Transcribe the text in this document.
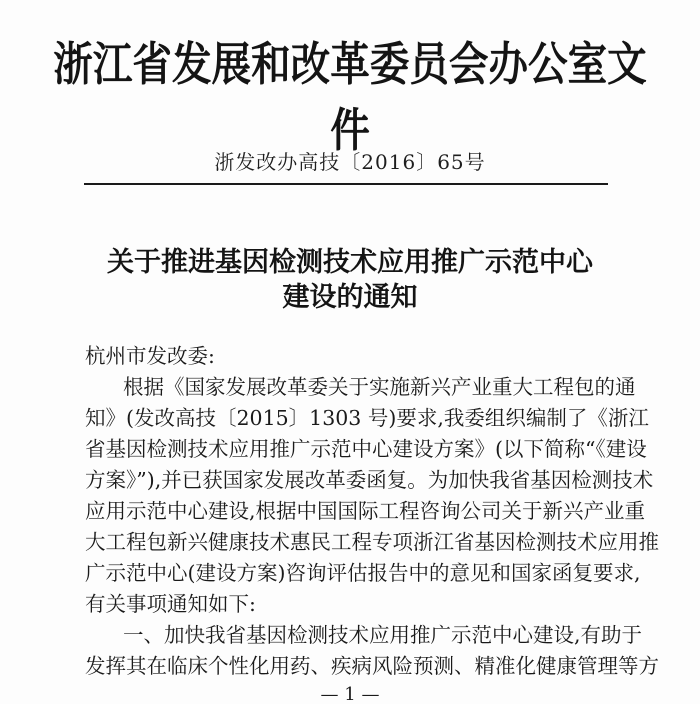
浙江省发展和改革委员会办公室文件
浙发改办高技〔2016〕65号
关于推进基因检测技术应用推广示范中心
建设的通知
杭州市发改委:
根据《国家发展改革委关于实施新兴产业重大工程包的通
知》(发改高技〔2015〕1303 号)要求,我委组织编制了《浙江
省基因检测技术应用推广示范中心建设方案》(以下简称“《建设
方案》”),并已获国家发展改革委函复。为加快我省基因检测技术
应用示范中心建设,根据中国国际工程咨询公司关于新兴产业重
大工程包新兴健康技术惠民工程专项浙江省基因检测技术应用推
广示范中心(建设方案)咨询评估报告中的意见和国家函复要求,
有关事项通知如下:
一、加快我省基因检测技术应用推广示范中心建设,有助于
发挥其在临床个性化用药、疾病风险预测、精准化健康管理等方
— 1 —
